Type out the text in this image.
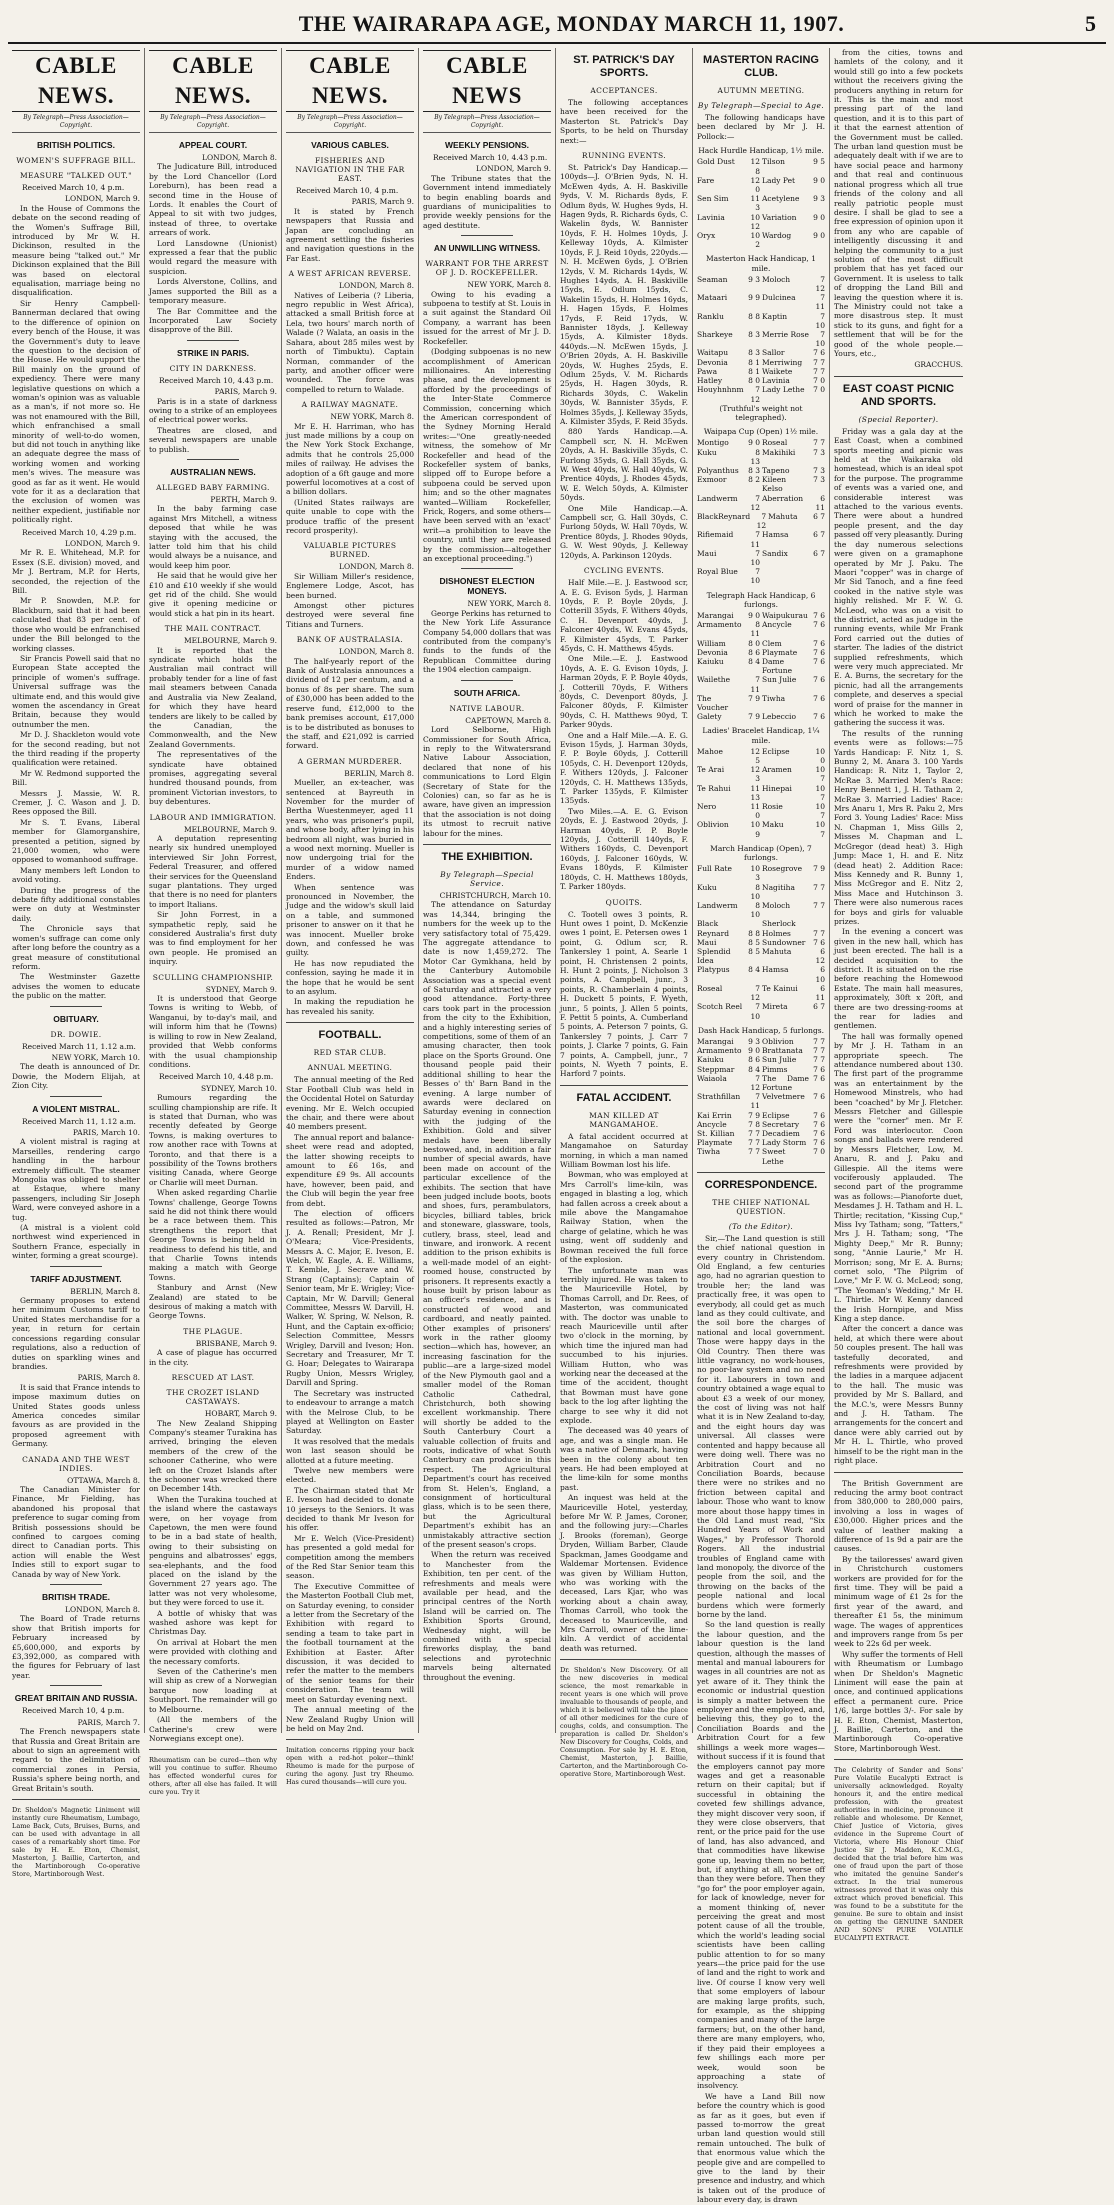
THE WAIRARAPA AGE, MONDAY MARCH 11, 1907.	5
CABLE NEWS.
By Telegraph—Press Association—Copyright.
BRITISH POLITICS.
WOMEN'S SUFFRAGE BILL.
MEASURE "TALKED OUT."
Received March 10, 4 p.m.
LONDON, March 9.

In the House of Commons the debate on the second reading of the Women's Suffrage Bill, introduced by Mr W. H. Dickinson, resulted in the measure being "talked out." Mr Dickinson explained that the Bill was based on electoral equalisation, marriage being no disqualification.

Sir Henry Campbell-Bannerman declared that owing to the difference of opinion on every bench of the House, it was the Government's duty to leave the question to the decision of the House. He would support the Bill mainly on the ground of expediency. There were many legislative questions on which a woman's opinion was as valuable as a man's, if not more so. He was not enamoured with the Bill, which enfranchised a small minority of well-to-do women, but did not touch in anything like an adequate degree the mass of working women and working men's wives. The measure was good as far as it went. He would vote for it as a declaration that the exclusion of women was neither expedient, justifiable nor politically right.

Received March 10, 4.29 p.m.
LONDON, March 9.

Mr R. E. Whitehead, M.P. for Essex (S.E. division) moved, and Mr J. Bertram, M.P. for Herts, seconded, the rejection of the Bill.

Mr P. Snowden, M.P. for Blackburn, said that it had been calculated that 83 per cent. of those who would be enfranchised under the Bill belonged to the working classes.

Sir Francis Powell said that no European State accepted the principle of women's suffrage. Universal suffrage was the ultimate end, and this would give women the ascendancy in Great Britain, because they would outnumber the men.

Mr D. J. Shackleton would vote for the second reading, but not the third reading if the property qualification were retained.

Mr W. Redmond supported the Bill.

Messrs J. Massie, W. R. Cremer, J. C. Wason and J. D. Rees opposed the Bill.

Mr S. T. Evans, Liberal member for Glamorganshire, presented a petition, signed by 21,000 women, who were opposed to womanhood suffrage.

Many members left London to avoid voting.

During the progress of the debate fifty additional constables were on duty at Westminster daily.

The Chronicle says that women's suffrage can come only after long before the country as a great measure of constitutional reform.

The Westminster Gazette advises the women to educate the public on the matter.

OBITUARY.
DR. DOWIE.
Received March 11, 1.12 a.m.
NEW YORK, March 10.

The death is announced of Dr. Dowie, the Modern Elijah, at Zion City.

A VIOLENT MISTRAL.
Received March 11, 1.12 a.m.
PARIS, March 10.

A violent mistral is raging at Marseilles, rendering cargo handling in the harbour extremely difficult. The steamer Mongolia was obliged to shelter at Estaque, where many passengers, including Sir Joseph Ward, were conveyed ashore in a tug.

(A mistral is a violent cold northwest wind experienced in Southern France, especially in winter, forming a great scourge).

TARIFF ADJUSTMENT.
BERLIN, March 8.

Germany proposes to extend her minimum Customs tariff to United States merchandise for a year, in return for certain concessions regarding consular regulations, also a reduction of duties on sparkling wines and brandies.

PARIS, March 8.

It is said that France intends to impose maximum duties on United States goods unless America concedes similar favours as are provided in the proposed agreement with Germany.

CANADA AND THE WEST INDIES.
OTTAWA, March 8.

The Canadian Minister for Finance, Mr Fielding, has abandoned his proposal that preference to sugar coming from British possessions should be confined to cargoes coming direct to Canadian ports. This action will enable the West Indies still to export sugar to Canada by way of New York.

BRITISH TRADE.
LONDON, March 8.

The Board of Trade returns show that British imports for February increased by £5,600,000, and exports by £3,392,000, as compared with the figures for February of last year.

GREAT BRITAIN AND RUSSIA.
Received March 10, 4 p.m.
PARIS, March 7.

The French newspapers state that Russia and Great Britain are about to sign an agreement with regard to the delimitation of commercial zones in Persia, Russia's sphere being north, and Great Britain's south.

Dr. Sheldon's Magnetic Liniment will instantly cure Rheumatism, Lumbago, Lame Back, Cuts, Bruises, Burns, and can be used with advantage in all cases of a remarkably short time. For sale by H. E. Eton, Chemist, Masterton, J. Baillie, Carterton, and the Martinborough Co-operative Store, Martinborough West.

CABLE NEWS.
By Telegraph—Press Association—Copyright.
APPEAL COURT.
LONDON, March 8.

The Judicature Bill, introduced by the Lord Chancellor (Lord Loreburn), has been read a second time in the House of Lords. It enables the Court of Appeal to sit with two judges, instead of three, to overtake arrears of work.

Lord Lansdowne (Unionist) expressed a fear that the public would regard the measure with suspicion.

Lords Alverstone, Collins, and James supported the Bill as a temporary measure.

The Bar Committee and the Incorporated Law Society disapprove of the Bill.

STRIKE IN PARIS.
CITY IN DARKNESS.
Received March 10, 4.43 p.m.
PARIS, March 9.

Paris is in a state of darkness owing to a strike of an employees of electrical power works.

Theatres are closed, and several newspapers are unable to publish.

AUSTRALIAN NEWS.
ALLEGED BABY FARMING.
PERTH, March 9.

In the baby farming case against Mrs Mitchell, a witness deposed that while he was staying with the accused, the latter told him that his child would always be a nuisance, and would keep him poor.

He said that he would give her £10 and £10 weekly if she would get rid of the child. She would give it opening medicine or would stick a hat pin in its heart.

THE MAIL CONTRACT.
MELBOURNE, March 9.

It is reported that the syndicate which holds the Australian mail contract will probably tender for a line of fast mail steamers between Canada and Australia via New Zealand, for which they have heard tenders are likely to be called by the Canadian, the Commonwealth, and the New Zealand Governments.

The representatives of the syndicate have obtained promises, aggregating several hundred thousand pounds, from prominent Victorian investors, to buy debentures.

LABOUR AND IMMIGRATION.
MELBOURNE, March 9.

A deputation representing nearly six hundred unemployed interviewed Sir John Forrest, Federal Treasurer, and offered their services for the Queensland sugar plantations. They urged that there is no need for planters to import Italians.

Sir John Forrest, in a sympathetic reply, said he considered Australia's first duty was to find employment for her own people. He promised an inquiry.

SCULLING CHAMPIONSHIP.
SYDNEY, March 9.

It is understood that George Towns is writing to Webb, of Wanganui, by to-day's mail, and will inform him that he (Towns) is willing to row in New Zealand, provided that Webb conforms with the usual championship conditions.

Received March 10, 4.48 p.m.
SYDNEY, March 10.

Rumours regarding the sculling championship are rife. It is stated that Durnan, who was recently defeated by George Towns, is making overtures to row another race with Towns at Toronto, and that there is a possibility of the Towns brothers visiting Canada, where George or Charlie will meet Durnan.

When asked regarding Charlie Towns' challenge, George Towns said he did not think there would be a race between them. This strengthens the report that George Towns is being held in readiness to defend his title, and that Charlie Towns intends making a match with George Towns.

Stanbury and Arnst (New Zealand) are stated to be desirous of making a match with George Towns.

THE PLAGUE.
BRISBANE, March 9.

A case of plague has occurred in the city.

RESCUED AT LAST.
THE CROZET ISLAND CASTAWAYS.
HOBART, March 9.

The New Zealand Shipping Company's steamer Turakina has arrived, bringing the eleven members of the crew of the schooner Catherine, who were left on the Crozet Islands after the schooner was wrecked there on December 14th.

When the Turakina touched at the island where the castaways were, on her voyage from Capetown, the men were found to be in a bad state of health, owing to their subsisting on penguins and albatrosses' eggs, sea-elephants, and the food placed on the island by the Government 27 years ago. The latter was not very wholesome, but they were forced to use it.

A bottle of whisky that was washed ashore was kept for Christmas Day.

On arrival at Hobart the men were provided with clothing and the necessary comforts.

Seven of the Catherine's men will ship as crew of a Norwegian barque now loading at Southport. The remainder will go to Melbourne.

(All the members of the Catherine's crew were Norwegians except one).

Rheumatism can be cured—then why will you continue to suffer. Rheumo has effected wonderful cures for others, after all else has failed. It will cure you. Try it

CABLE NEWS.
By Telegraph—Press Association—Copyright.
VARIOUS CABLES.
FISHERIES AND NAVIGATION IN THE FAR EAST.
Received March 10, 4 p.m.
PARIS, March 9.

It is stated by French newspapers that Russia and Japan are concluding an agreement settling the fisheries and navigation questions in the Far East.

A WEST AFRICAN REVERSE.
LONDON, March 8.

Natives of Leiberia (? Liberia, negro republic in West Africa), attacked a small British force at Lela, two hours' march north of Walade (? Walata, an oasis in the Sahara, about 285 miles west by north of Timbuktu). Captain Norman, commander of the party, and another officer were wounded. The force was compelled to return to Walade.

A RAILWAY MAGNATE.
NEW YORK, March 8.

Mr E. H. Harriman, who has just made millions by a coup on the New York Stock Exchange, admits that he controls 25,000 miles of railway. He advises the adoption of a 6ft gauge and more powerful locomotives at a cost of a billion dollars.

(United States railways are quite unable to cope with the produce traffic of the present record prosperity).

VALUABLE PICTURES BURNED.
LONDON, March 8.

Sir William Miller's residence, Englemere Lodge, Ascot, has been burned.

Amongst other pictures destroyed were several fine Titians and Turners.

BANK OF AUSTRALASIA.
LONDON, March 8.

The half-yearly report of the Bank of Australasia announces a dividend of 12 per centum, and a bonus of 8s per share. The sum of £30,000 has been added to the reserve fund, £12,000 to the bank premises account, £17,000 is to be distributed as bonuses to the staff, and £21,092 is carried forward.

A GERMAN MURDERER.
BERLIN, March 8.

Mueller, an ex-teacher, was sentenced at Bayreuth in November for the murder of Bertha Wuestenmeyer, aged 11 years, who was prisoner's pupil, and whose body, after lying in his bedroom all night, was buried in a wood next morning. Mueller is now undergoing trial for the murder of a widow named Enders.

When sentence was pronounced in November, the Judge and the widow's skull laid on a table, and summoned prisoner to answer on it that he was innocent. Mueller broke down, and confessed he was guilty.

He has now repudiated the confession, saying he made it in the hope that he would be sent to an asylum.

In making the repudiation he has revealed his sanity.

FOOTBALL.
RED STAR CLUB.
ANNUAL MEETING.

The annual meeting of the Red Star Football Club was held in the Occidental Hotel on Saturday evening. Mr E. Welch occupied the chair, and there were about 40 members present.

The annual report and balance-sheet were read and adopted, the latter showing receipts to amount to £6 16s, and expenditure £9 9s. All accounts have, however, been paid, and the Club will begin the year free from debt.

The election of officers resulted as follows:—Patron, Mr J. A. Renall; President, Mr J. O'Meara; Vice-Presidents, Messrs A. C. Major, E. Iveson, E. Welch, W. Eagle, A. E. Williams, T. Kemble, J. Secrave and W. Strang (Captains); Captain of Senior team, Mr E. Wrigley; Vice-Captain, Mr W. Darvill; General Committee, Messrs W. Darvill, H. Walker, W. Spring, W. Nelson, R. Hunt, and the Captain ex-officio; Selection Committee, Messrs Wrigley, Darvill and Iveson; Hon. Secretary and Treasurer, Mr T. G. Hoar; Delegates to Wairarapa Rugby Union, Messrs Wrigley, Darvill and Spring.

The Secretary was instructed to endeavour to arrange a match with the Melrose Club, to be played at Wellington on Easter Saturday.

It was resolved that the medals won last season should be allotted at a future meeting.

Twelve new members were elected.

The Chairman stated that Mr E. Iveson had decided to donate 10 jerseys to the Seniors. It was decided to thank Mr Iveson for his offer.

Mr E. Welch (Vice-President) has presented a gold medal for competition among the members of the Red Star Senior team this season.

The Executive Committee of the Masterton Football Club met, on Saturday evening, to consider a letter from the Secretary of the Exhibition with regard to sending a team to take part in the football tournament at the Exhibition at Easter. After discussion, it was decided to refer the matter to the members of the senior teams for their consideration. The team will meet on Saturday evening next.

The annual meeting of the New Zealand Rugby Union will be held on May 2nd.

Imitation concerns ripping your back open with a red-hot poker—think! Rheumo is made for the purpose of curing the agony. Just try Rheumo. Has cured thousands—will cure you.

CABLE NEWS
By Telegraph—Press Association—Copyright.
WEEKLY PENSIONS.
Received March 10, 4.43 p.m.
LONDON, March 9.

The Tribune states that the Government intend immediately to begin enabling boards and guardians of municipalities to provide weekly pensions for the aged destitute.

AN UNWILLING WITNESS.
WARRANT FOR THE ARREST OF J. D. ROCKEFELLER.
NEW YORK, March 8.

Owing to his evading a subpoena to testify at St. Louis in a suit against the Standard Oil Company, a warrant has been issued for the arrest of Mr J. D. Rockefeller.

(Dodging subpoenas is no new accomplishment of American millionaires. An interesting phase, and the development is afforded by the proceedings of the Inter-State Commerce Commission, concerning which the American correspondent of the Sydney Morning Herald writes:—"One greatly-needed witness, the somehow of Mr Rockefeller and head of the Rockefeller system of banks, slipped off to Europe before a subpoena could be served upon him; and so the other magnates wanted—William Rockefeller, Frick, Rogers, and some others—have been served with an 'exact' writ—a prohibition to leave the country, until they are released by the commission—altogether an exceptional proceeding.")

DISHONEST ELECTION MONEYS.
NEW YORK, March 8.

George Perkins has returned to the New York Life Assurance Company 54,000 dollars that was contributed from the company's funds to the funds of the Republican Committee during the 1904 election campaign.

SOUTH AFRICA.
NATIVE LABOUR.
CAPETOWN, March 8.

Lord Selborne, High Commissioner for South Africa, in reply to the Witwatersrand Native Labour Association, declared that none of his communications to Lord Elgin (Secretary of State for the Colonies) can, so far as he is aware, have given an impression that the association is not doing its utmost to recruit native labour for the mines.

THE EXHIBITION.
By Telegraph—Special Service.
CHRISTCHURCH, March 10.

The attendance on Saturday was 14,344, bringing the numbers for the week up to the very satisfactory total of 75,429. The aggregate attendance to date is now 1,459,272. The Motor Car Gymkhana, held by the Canterbury Automobile Association was a special event of Saturday and attracted a very good attendance. Forty-three cars took part in the procession from the city to the Exhibition, and a highly interesting series of competitions, some of them of an amusing character, then took place on the Sports Ground. One thousand people paid their additional shilling to hear the Besses o' th' Barn Band in the evening. A large number of awards were declared on Saturday evening in connection with the judging of the Exhibition. Gold and silver medals have been liberally bestowed, and, in addition a fair number of special awards, have been made on account of the particular excellence of the exhibits. The section that have been judged include boots, boots and shoes, furs, perambulators, bicycles, billiard tables, brick and stoneware, glassware, tools, cutlery, brass, steel, lead and tinware, and ironwork. A recent addition to the prison exhibits is a well-made model of an eight-roomed house, constructed by prisoners. It represents exactly a house built by prison labour as an officer's residence, and is constructed of wood and cardboard, and neatly painted. Other examples of prisoners' work in the rather gloomy section—which has, however, an increasing fascination for the public—are a large-sized model of the New Plymouth gaol and a smaller model of the Roman Catholic Cathedral, Christchurch, both showing excellent workmanship. There will shortly be added to the South Canterbury Court a valuable collection of fruits and roots, indicative of what South Canterbury can produce in this respect. The Agricultural Department's court has received from St. Helen's, England, a consignment of horticultural glass, which is to be seen there, but the Agricultural Department's exhibit has an unmistakably attractive section of the present season's crops.

When the return was received to Manchester from the Exhibition, ten per cent. of the refreshments and meals were available per head, and the principal centres of the North Island will be carried on. The Exhibition Sports Ground, Wednesday night, will be combined with a special fireworks display, the band selections and pyrotechnic marvels being alternated throughout the evening.

ST. PATRICK'S DAY SPORTS.
ACCEPTANCES.

The following acceptances have been received for the Masterton St. Patrick's Day Sports, to be held on Thursday next:—

RUNNING EVENTS.

St. Patrick's Day Handicap.—100yds—J. O'Brien 9yds, N. H. McEwen 4yds, A. H. Baskiville 9yds, V. M. Richards 8yds, F. Odlum 8yds, W. Hughes 9yds, H. Hagen 9yds, R. Richards 6yds, C. Wakelin 8yds, W. Bannister 10yds, F. H. Holmes 10yds, J. Kelleway 10yds, A. Kilmister 10yds, F. J. Reid 10yds, 220yds.—N. H. McEwen 6yds, J. O'Brien 12yds, V. M. Richards 14yds, W. Hughes 14yds, A. H. Baskiville 15yds, E. Odlum 15yds, C. Wakelin 15yds, H. Holmes 16yds, H. Hagen 15yds, F. Holmes 17yds, F. Reid 17yds, W. Bannister 18yds, J. Kelleway 15yds, A. Kilmister 18yds. 440yds.—N. McEwen 15yds, J. O'Brien 20yds, A. H. Baskiville 20yds, W. Hughes 25yds, E. Odlum 25yds, V. M. Richards 25yds, H. Hagen 30yds, R. Richards 30yds, C. Wakelin 30yds, W. Bannister 35yds, F. Holmes 35yds, J. Kelleway 35yds, A. Kilmister 35yds, F. Reid 35yds.

880 Yards Handicap.—A. Campbell scr, N. H. McEwen 20yds, A. H. Baskiville 35yds, C. Furlong 35yds, G. Hall 35yds, G. W. West 40yds, W. Hall 40yds, W. Prentice 40yds, J. Rhodes 45yds, W. E. Welch 50yds, A. Kilmister 50yds.

One Mile Handicap.—A. Campbell scr, G. Hall 30yds, C. Furlong 50yds, W. Hall 70yds, W. Prentice 80yds, J. Rhodes 90yds, G. W. West 90yds, J. Kelleway 120yds, A. Parkinson 120yds.

CYCLING EVENTS.

Half Mile.—E. J. Eastwood scr, A. E. G. Evison 5yds, J. Harman 10yds, F. P. Boyle 20yds, J. Cotterill 35yds, F. Withers 40yds, C. H. Devenport 40yds, J. Falconer 40yds, W. Evans 45yds, F. Kilmister 45yds, T. Parker 45yds, C. H. Matthews 45yds.

One Mile.—E. J. Eastwood 10yds, A. E. G. Evison 10yds, J. Harman 20yds, F. P. Boyle 40yds, J. Cotterill 70yds, F. Withers 80yds, C. Devenport 80yds, J. Falconer 80yds, F. Kilmister 90yds, C. H. Matthews 90yd, T. Parker 90yds.

One and a Half Mile.—A. E. G. Evison 15yds, J. Harman 30yds, F. P. Boyle 60yds, J. Cotterill 105yds, C. H. Devenport 120yds, F. Withers 120yds, J. Falconer 120yds, C. H. Matthews 135yds, T. Parker 135yds, F. Kilmister 135yds.

Two Miles.—A. E. G. Evison 20yds, E. J. Eastwood 20yds, J. Harman 40yds, F. P. Boyle 120yds, J. Cotterill 140yds, F. Withers 160yds, C. Devenport 160yds, J. Falconer 160yds, W. Evans 180yds, F. Kilmister 180yds, C. H. Matthews 180yds, T. Parker 180yds.

QUOITS.

C. Tootell owes 3 points, R. Hunt owes 1 point, D. McKenzie owes 1 point, E. Petersen owes 1 point, G. Odlum scr, R. Tankersley 1 point, A. Searle 1 point, H. Christensen 2 points, H. Hunt 2 points, J. Nicholson 3 points, A. Campbell, junr., 3 points, R. Chamberlain 4 points, H. Duckett 5 points, F. Wyeth, junr., 5 points, J. Allen 5 points, F. Pettit 5 points, A. Cumberland 5 points, A. Peterson 7 points, G. Tankersley 7 points, J. Carr 7 points, J. Clarke 7 points, G. Fain 7 points, A. Campbell, junr., 7 points, N. Wyeth 7 points, E. Harford 7 points.

FATAL ACCIDENT.
MAN KILLED AT MANGAMAHOE.

A fatal accident occurred at Mangamahoe on Saturday morning, in which a man named William Bowman lost his life.

Bowman, who was employed at Mrs Carroll's lime-kiln, was engaged in blasting a log, which had fallen across a creek about a mile above the Mangamahoe Railway Station, when the charge of gelatine, which he was using, went off suddenly and Bowman received the full force of the explosion.

The unfortunate man was terribly injured. He was taken to the Mauriceville Hotel, by Thomas Carroll, and Dr. Rees, of Masterton, was communicated with. The doctor was unable to reach Mauriceville until after two o'clock in the morning, by which time the injured man had succumbed to his injuries. William Hutton, who was working near the deceased at the time of the accident, thought that Bowman must have gone back to the log after lighting the charge to see why it did not explode.

The deceased was 40 years of age, and was a single man. He was a native of Denmark, having been in the colony about ten years. He had been employed at the lime-kiln for some months past.

An inquest was held at the Mauriceville Hotel, yesterday, before Mr W. P. James, Coroner, and the following jury:—Charles J. Brooks (foreman), George Dryden, William Barber, Claude Spackman, James Goodgame and Waldemar Mortensen. Evidence was given by William Hutton, who was working with the deceased, Lars Kjar, who was working about a chain away, Thomas Carroll, who took the deceased to Mauriceville, and Mrs Carroll, owner of the lime-kiln. A verdict of accidental death was returned.

Dr. Sheldon's New Discovery. Of all the new discoveries in medical science, the most remarkable in recent years is one which will prove invaluable to thousands of people, and which it is believed will take the place of all other medicines for the cure of coughs, colds, and consumption. The preparation is called Dr. Sheldon's New Discovery for Coughs, Colds, and Consumption. For sale by H. E. Eton, Chemist, Masterton, J. Baillie, Carterton, and the Martinborough Co-operative Store, Martinborough West.

MASTERTON RACING CLUB.
AUTUMN MEETING.
By Telegraph—Special to Age.

The following handicaps have been declared by Mr J. H. Pollock:—

Hack Hurdle Handicap, 1½ mile.
Gold Dust	12 8
Tilson	9 5
Fare	12 0
Lady Pet	9 0
Sen Sim	11 3
Acetylene	9 3
Lavinia	10 12
Variation	9 0
Oryx	10 2
Wardog	9 0
Masterton Hack Handicap, 1 mile.
Seaman	9 3 Moloch	7 12
Mataari	9 9 Dulcinea	7 11
Ranklu	8 8 Kaptin	7 10
Sharkeye	8 3 Merrie Rose	7 10
Waitapu	8 3 Sallor	7 6
Devonia	8 1 Merriwing	7 7
Pawa	8 1 Waikete	7 7
Hatley	8 0 Lavinia	7 0
Houyhnhnm	7 12
Lady Lethe	7 0
(Truthful's weight not telegraphed).
Waipapa Cup (Open) 1½ mile.
Montigo	9 0 Roseal	7 7
Kuku	8 13
Makihiki	7 3
Polyanthus	8 3 Tapeno	7 3
Exmoor	8 2 Kileen Kelso
7 3
Landwerm	7 12
Aberration	6 11
BlackReynard	7 12
Mahuta	6 7
Rifiemaid	7 11
Hamsa	6 7
Maui	7 10
Sandix	6 7
Royal Blue	7 10
Telegraph Hack Handicap, 6 furlongs.
Marangai	9 0 Waipukurau 7 6
Armamento	8 11
Ancycle	7 6
William	8 0 Clem	7 6
Devonia	8 6 Playmate	7 6
Kaiuku	8 4 Dame Fortune
7 6
Wailethe	7 11
Sun Julie	7 6
The Voucher
7 9 Tiwha	7 6
Galety	7 9 Lebeccio	7 6
Ladies' Bracelet Handicap, 1¼ mile.
Mahoe	12 5
Eclipse	10 0
Te Arai	12 3
Aramen	10 7
Te Rahui	11 13
Hinepai	10 7
Nero	11 0
Rosie	10 7
Oblivion	10 9
Maku	10 7
March Handicap (Open), 7 furlongs.
Full Rate	10 3
Rosegrove	7 9
Kuku	8 10
Nagitiha	7 7
Landwerm	8 10
Moloch	7 7
Black	Sherlock
Reynard	8 8 Holmes	7 7
Maui	8 5 Sundowner	7 6
Splendid Idea
8 5 Mahuta	6 12
Platypus	8 4 Hamsa	6 10
Roseal	7 12
Te Kainui	6 11
Scotch Reel	7 10
Mireta	6 7
Dash Hack Handicap, 5 furlongs.
Marangai	9 3 Oblivion	7 7
Armamento 9 0 Brattanata	7 7
Kaiuku	8 6 Sun Julie	7 7
Steppmar	8 4 Pimms	7 6
Waiaola	7 12
The Dame Fortune
7 6
Strathfillan	7 11
Velvetmere	7 6
Kai Errin	7 9 Eclipse	7 6
Ancycle	7 8 Secretary	7 6
St. Killian	7 7 Decadiem	7 6
Playmate	7 7 Lady Storm 7 6
Tiwha	7 7 Sweet Lethe
7 0
CORRESPONDENCE.
THE CHIEF NATIONAL QUESTION.
(To the Editor).

Sir,—The Land question is still the chief national question in every country in Christendom. Old England, a few centuries ago, had no agrarian question to trouble her; the land was practically free, it was open to everybody, all could get as much land as they could cultivate, and the soil bore the charges of national and local government. Those were happy days in the Old Country. Then there was little vagrancy, no work-houses, no poor-law system and no need for it. Labourers in town and country obtained a wage equal to about £3 a week of our money, the cost of living was not half what it is in New Zealand to-day, and the eight hours day was universal. All classes were contented and happy because all were doing well. There was no Arbitration Court and no Conciliation Boards, because there were no strikes and no friction between capital and labour. Those who want to know more about those happy times in the Old Land must read, "Six Hundred Years of Work and Wages," by Professor Thorold Rogers. All the industrial troubles of England came with land monopoly, the divorce of the people from the soil, and the throwing on the backs of the people national and local burdens which were formerly borne by the land.

So the land question is really the labour question, and the labour question is the land question, although the masses of mental and manual labourers for wages in all countries are not as yet aware of it. They think the economic or industrial question is simply a matter between the employer and the employed, and, believing this, they go to the Conciliation Boards and the Arbitration Court for a few shillings a week more wages—without success if it is found that the employers cannot pay more wages and get a reasonable return on their capital; but if successful in obtaining the coveted few shillings advance, they might discover very soon, if they were close observers, that rent, or the price paid for the use of land, has also advanced, and that commodities have likewise gone up, leaving them no better, but, if anything at all, worse off than they were before. Then they "go for" the poor employer again, for lack of knowledge, never for a moment thinking of, never perceiving the great and most potent cause of all the trouble, which the world's leading social scientists have been calling public attention to for so many years—the price paid for the use of land and the right to work and live. Of course I know very well that some employers of labour are making large profits, such, for example, as the shipping companies and many of the large farmers; but, on the other hand, there are many employers, who, if they paid their employees a few shillings each more per week, would soon be approaching a state of insolvency.

We have a Land Bill now before the country which is good as far as it goes, but even if passed to-morrow the great urban land question would still remain untouched. The bulk of that enormous value which the people give and are compelled to give to the land by their presence and industry, and which is taken out of the produce of labour every day, is drawn

from the cities, towns and hamlets of the colony, and it would still go into a few pockets without the receivers giving the producers anything in return for it. This is the main and most pressing part of the land question, and it is to this part of it that the earnest attention of the Government must be called. The urban land question must be adequately dealt with if we are to have social peace and harmony and that real and continuous national progress which all true friends of the colony and all really patriotic people must desire. I shall be glad to see a free expression of opinion upon it from any who are capable of intelligently discussing it and helping the community to a just solution of the most difficult problem that has yet faced our Government. It is useless to talk of dropping the Land Bill and leaving the question where it is. The Ministry could not take a more disastrous step. It must stick to its guns, and fight for a settlement that will be for the good of the whole people.—Yours, etc.,

GRACCHUS.
EAST COAST PICNIC AND SPORTS.
(Special Reporter).

Friday was a gala day at the East Coast, when a combined sports meeting and picnic was held at the Waikaraka old homestead, which is an ideal spot for the purpose. The programme of events was a varied one, and considerable interest was attached to the various events. There were about a hundred people present, and the day passed off very pleasantly. During the day numerous selections were given on a gramaphone operated by Mr J. Paku. The Maori "copper" was in charge of Mr Sid Tanoch, and a fine feed cooked in the native style was highly relished. Mr F. W. G. McLeod, who was on a visit to the district, acted as judge in the running events, while Mr Frank Ford carried out the duties of starter. The ladies of the district supplied refreshments, which were very much appreciated. Mr E. A. Burns, the secretary for the picnic, had all the arrangements complete, and deserves a special word of praise for the manner in which he worked to make the gathering the success it was.

The results of the running events were as follows:—75 Yards Handicap: F. Nitz 1, S. Bunny 2, M. Anara 3. 100 Yards Handicap: R. Nitz 1, Taylor 2, McRae 3. Married Men's Race: Henry Bennett 1, J. H. Tatham 2, McRae 3. Married Ladies' Race: Mrs Anaru 1, Mrs R. Paku 2, Mrs Ford 3. Young Ladies' Race: Miss N. Chapman 1, Miss Gills 2, Misses M. Chapman and L. McGregor (dead heat) 3. High Jump: Mace 1, H. and E. Nitz (dead heat) 2. Addition Race: Miss Kennedy and R. Bunny 1, Miss McGregor and E. Nitz 2, Miss Mace and Hutchinson 3. There were also numerous races for boys and girls for valuable prizes.

In the evening a concert was given in the new hall, which has just been erected. The hall is a decided acquisition to the district. It is situated on the rise before reaching the Homewood Estate. The main hall measures, approximately, 30ft x 20ft, and there are two dressing-rooms at the rear for ladies and gentlemen.

The hall was formally opened by Mr J. H. Tatham in an appropriate speech. The attendance numbered about 130. The first part of the programme was an entertainment by the Homewood Minstrels, who had been "coached" by Mr J. Fletcher. Messrs Fletcher and Gillespie were the "corner" men. Mr F. Ford was interlocutor. Coon songs and ballads were rendered by Messrs Fletcher, Low, M. Anaru, R. and J. Paku and Gillespie. All the items were vociferously applauded. The second part of the programme was as follows:—Pianoforte duet, Mesdames J. H. Tatham and H. L. Thirtle; recitation, "Kissing Cup," Miss Ivy Tatham; song, "Tatters," Mrs J. H. Tatham; song, "The Mighty Deep," Mr R. Bunny; song, "Annie Laurie," Mr H. Morrison; song, Mr E. A. Burns; cornet solo, "The Pilgrim of Love," Mr F. W. G. McLeod; song, "The Yeoman's Wedding," Mr H. L. Thirtle. Mr W. Kenny danced the Irish Hornpipe, and Miss King a step dance.

After the concert a dance was held, at which there were about 50 couples present. The hall was tastefully decorated, and refreshments were provided by the ladies in a marquee adjacent to the hall. The music was provided by Mr S. Ballard, and the M.C.'s, were Messrs Bunny and J. H. Tatham. The arrangements for the concert and dance were ably carried out by Mr H. L. Thirtle, who proved himself to be the right man in the right place.

The British Government are reducing the army boot contract from 380,000 to 280,000 pairs, involving a loss in wages of £30,000. Higher prices and the value of leather making a difference of 1s 9d a pair are the causes.

By the tailoresses' award given in Christchurch customers workers are provided for for the first time. They will be paid a minimum wage of £1 2s for the first year of the award, and thereafter £1 5s, the minimum wage. The wages of apprentices and improvers range from 5s per week to 22s 6d per week.

Why suffer the torments of Hell with Rheumatism or Lumbago when Dr Sheldon's Magnetic Liniment will ease the pain at once, and continued applications effect a permanent cure. Price 1/6, large bottles 3/-. For sale by H. E. Eton, Chemist, Masterton, J. Baillie, Carterton, and the Martinborough Co-operative Store, Martinborough West.

The Celebrity of Sander and Sons' Pure Volatile Eucalypti Extract is universally acknowledged. Royalty honours it, and the entire medical profession, with the greatest authorities in medicine, pronounce it reliable and wholesome. Dr Kennet, Chief Justice of Victoria, gives evidence in the Supreme Court of Victoria, where His Honour Chief Justice Sir J. Madden, K.C.M.G., decided that the trial before him was one of fraud upon the part of those who imitated the genuine Sander's extract. In the trial numerous witnesses proved that it was only this extract which proved beneficial. This was found to be a substitute for the genuine. Be sure to obtain and insist on getting the GENUINE SANDER AND SONS' PURE VOLATILE EUCALYPTI EXTRACT.
